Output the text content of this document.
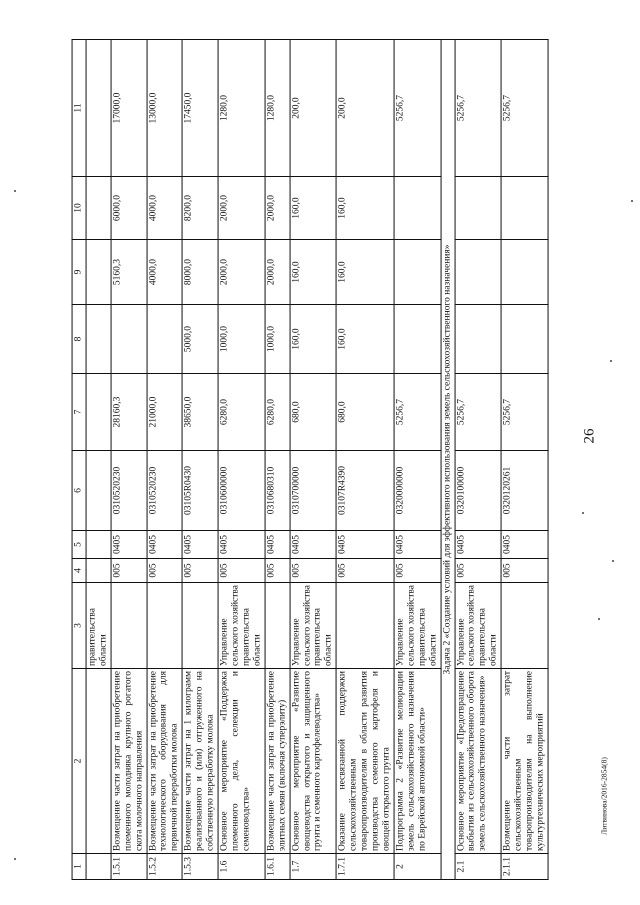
26
Литвинова/2016-2854(8)
1	2	3	4	5	6	7	8	9	10	11
		правительства области								
1.5.1	Возмещение части затрат на приобретение племенного молодняка крупного рогатого скота молочного направления		005	0405	0310520230	28160,3		5160,3	6000,0	17000,0
1.5.2	Возмещение части затрат на приобретение технологического оборудования для первичной переработки молока		005	0405	0310520230	21000,0		4000,0	4000,0	13000,0
1.5.3	Возмещение части затрат на 1 килограмм реализованного и (или) отгруженного на собственную переработку молока		005	0405	03105R0430	38650,0	5000,0	8000,0	8200,0	17450,0
1.6	Основное мероприятие «Поддержка племенного дела, селекции и семеноводства»	Управление сельского хозяйства правительства области	005	0405	0310600000	6280,0	1000,0	2000,0	2000,0	1280,0
1.6.1	Возмещение части затрат на приобретение элитных семян (включая суперэлиту)		005	0405	0310680310	6280,0	1000,0	2000,0	2000,0	1280,0
1.7	Основное мероприятие «Развитие овощеводства открытого и защищенного грунта и семенного картофелеводства»	Управление сельского хозяйства правительства области	005	0405	0310700000	680,0	160,0	160,0	160,0	200,0
1.7.1	Оказание несвязанной поддержки сельскохозяйственным товаропроизводителям в области развития производства семенного картофеля и овощей открытого грунта		005	0405	03107R4390	680,0	160,0	160,0	160,0	200,0
2	Подпрограмма 2 «Развитие мелиорации земель сельскохозяйственного назначения по Еврейской автономной области»	Управление сельского хозяйства правительства области	005	0405	0320000000	5256,7				5256,7
Задача 2 «Создание условий для эффективного использования земель сельскохозяйственного назначения»										
2.1	Основное мероприятие «Предотвращение выбытия из сельскохозяйственного оборота земель сельскохозяйственного назначения»	Управление сельского хозяйства правительства области	005	0405	0320100000	5256,7				5256,7
2.1.1	Возмещение части затрат сельскохозяйственным товаропроизводителям на выполнение культуртехнических мероприятий		005	0405	0320120261	5256,7				5256,7
